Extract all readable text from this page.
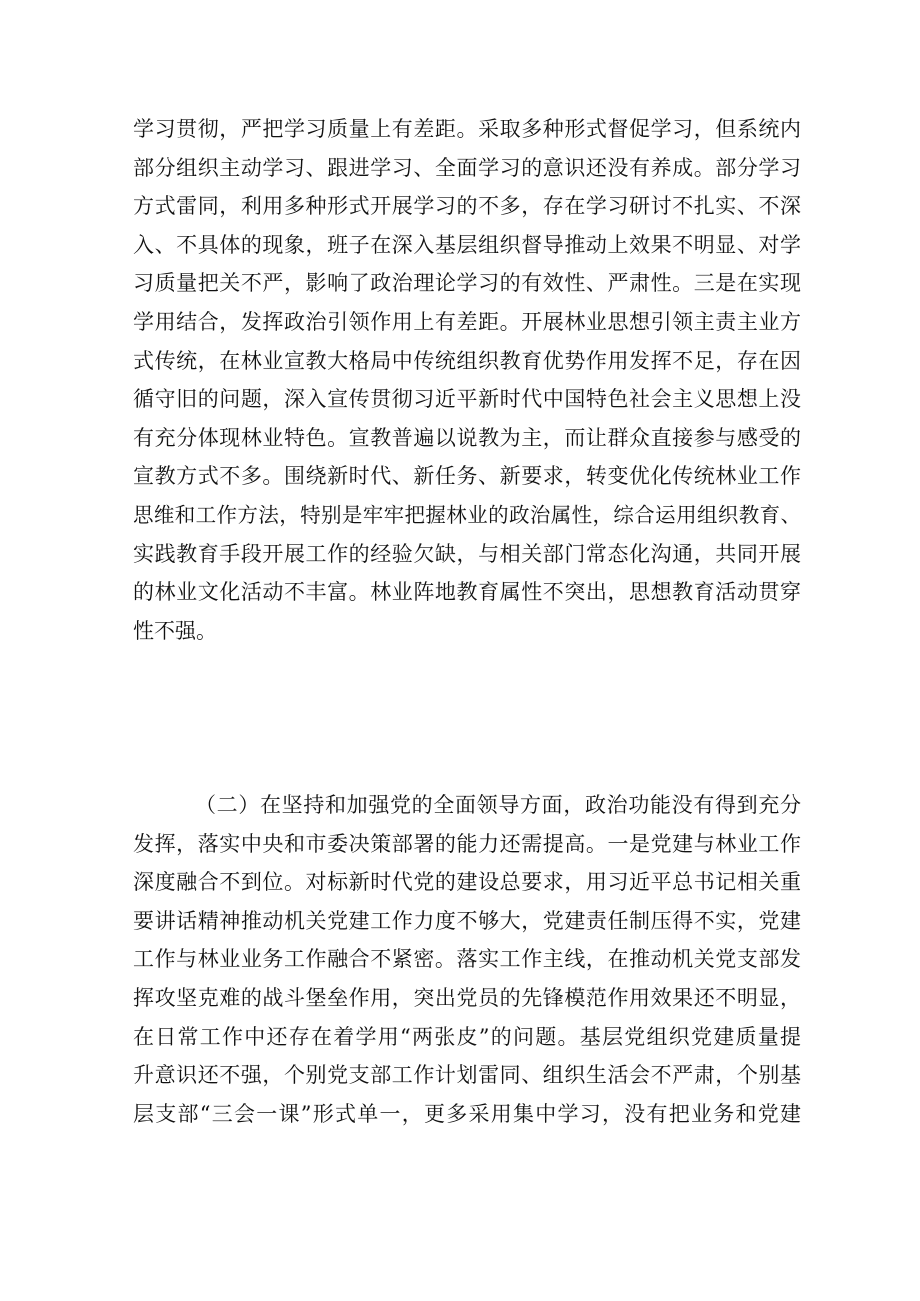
学习贯彻，严把学习质量上有差距。采取多种形式督促学习，但系统内
部分组织主动学习、跟进学习、全面学习的意识还没有养成。部分学习
方式雷同，利用多种形式开展学习的不多，存在学习研讨不扎实、不深
入、不具体的现象，班子在深入基层组织督导推动上效果不明显、对学
习质量把关不严，影响了政治理论学习的有效性、严肃性。三是在实现
学用结合，发挥政治引领作用上有差距。开展林业思想引领主责主业方
式传统，在林业宣教大格局中传统组织教育优势作用发挥不足，存在因
循守旧的问题，深入宣传贯彻习近平新时代中国特色社会主义思想上没
有充分体现林业特色。宣教普遍以说教为主，而让群众直接参与感受的
宣教方式不多。围绕新时代、新任务、新要求，转变优化传统林业工作
思维和工作方法，特别是牢牢把握林业的政治属性，综合运用组织教育、
实践教育手段开展工作的经验欠缺，与相关部门常态化沟通，共同开展
的林业文化活动不丰富。林业阵地教育属性不突出，思想教育活动贯穿
性不强。
（二）在坚持和加强党的全面领导方面，政治功能没有得到充分
发挥，落实中央和市委决策部署的能力还需提高。一是党建与林业工作
深度融合不到位。对标新时代党的建设总要求，用习近平总书记相关重
要讲话精神推动机关党建工作力度不够大，党建责任制压得不实，党建
工作与林业业务工作融合不紧密。落实工作主线，在推动机关党支部发
挥攻坚克难的战斗堡垒作用，突出党员的先锋模范作用效果还不明显，
在日常工作中还存在着学用“两张皮”的问题。基层党组织党建质量提
升意识还不强，个别党支部工作计划雷同、组织生活会不严肃，个别基
层支部“三会一课”形式单一，更多采用集中学习，没有把业务和党建
